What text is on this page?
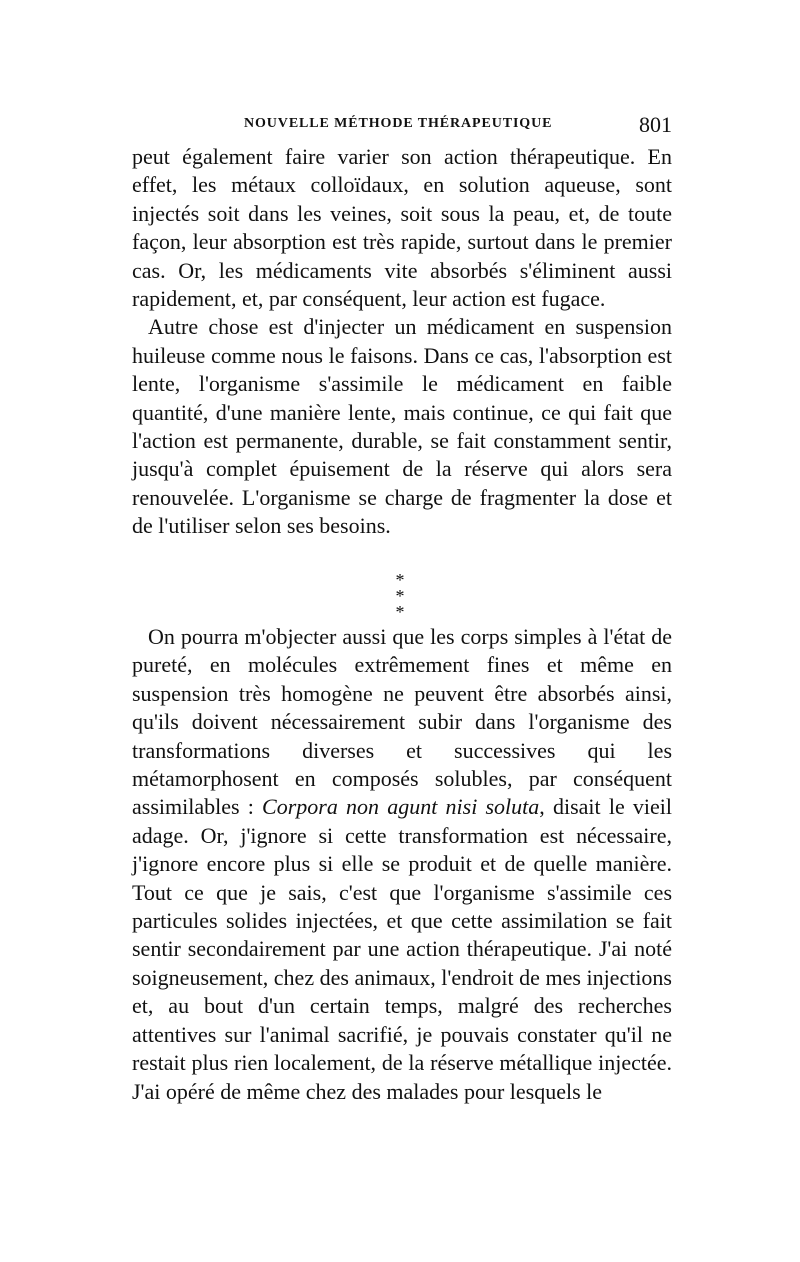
NOUVELLE MÉTHODE THÉRAPEUTIQUE	801

peut également faire varier son action thérapeutique. En effet, les métaux colloïdaux, en solution aqueuse, sont injectés soit dans les veines, soit sous la peau, et, de toute façon, leur absorption est très rapide, surtout dans le premier cas. Or, les médicaments vite absorbés s'éliminent aussi rapidement, et, par conséquent, leur action est fugace.

Autre chose est d'injecter un médicament en suspension huileuse comme nous le faisons. Dans ce cas, l'absorption est lente, l'organisme s'assimile le médicament en faible quantité, d'une manière lente, mais continue, ce qui fait que l'action est permanente, durable, se fait constamment sentir, jusqu'à complet épuisement de la réserve qui alors sera renouvelée. L'organisme se charge de fragmenter la dose et de l'utiliser selon ses besoins.

*
* *

On pourra m'objecter aussi que les corps simples à l'état de pureté, en molécules extrêmement fines et même en suspension très homogène ne peuvent être absorbés ainsi, qu'ils doivent nécessairement subir dans l'organisme des transformations diverses et successives qui les métamorphosent en composés solubles, par conséquent assimilables : Corpora non agunt nisi soluta, disait le vieil adage. Or, j'ignore si cette transformation est nécessaire, j'ignore encore plus si elle se produit et de quelle manière. Tout ce que je sais, c'est que l'organisme s'assimile ces particules solides injectées, et que cette assimilation se fait sentir secondairement par une action thérapeutique. J'ai noté soigneusement, chez des animaux, l'endroit de mes injections et, au bout d'un certain temps, malgré des recherches attentives sur l'animal sacrifié, je pouvais constater qu'il ne restait plus rien localement, de la réserve métallique injectée. J'ai opéré de même chez des malades pour lesquels le
